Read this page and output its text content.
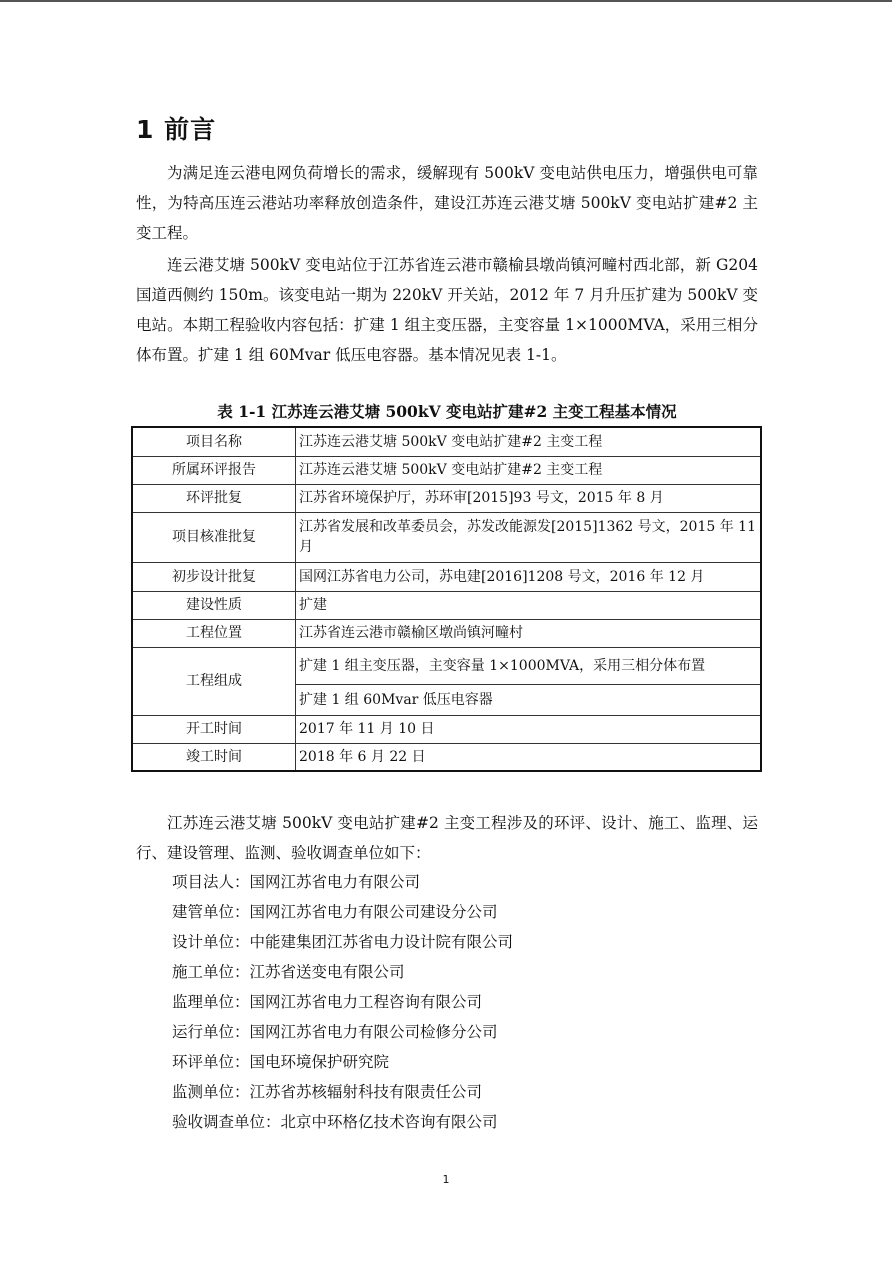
1 前言

为满足连云港电网负荷增长的需求，缓解现有 500kV 变电站供电压力，增强供电可靠性，为特高压连云港站功率释放创造条件，建设江苏连云港艾塘 500kV 变电站扩建#2 主变工程。

连云港艾塘 500kV 变电站位于江苏省连云港市赣榆县墩尚镇河疃村西北部，新 G204 国道西侧约 150m。该变电站一期为 220kV 开关站，2012 年 7 月升压扩建为 500kV 变电站。本期工程验收内容包括：扩建 1 组主变压器，主变容量 1×1000MVA，采用三相分体布置。扩建 1 组 60Mvar 低压电容器。基本情况见表 1-1。

表 1-1 江苏连云港艾塘 500kV 变电站扩建#2 主变工程基本情况

项目名称	江苏连云港艾塘 500kV 变电站扩建#2 主变工程
所属环评报告	江苏连云港艾塘 500kV 变电站扩建#2 主变工程
环评批复	江苏省环境保护厅，苏环审[2015]93 号文，2015 年 8 月
项目核准批复	江苏省发展和改革委员会，苏发改能源发[2015]1362 号文，2015 年 11 月
初步设计批复	国网江苏省电力公司，苏电建[2016]1208 号文，2016 年 12 月
建设性质	扩建
工程位置	江苏省连云港市赣榆区墩尚镇河疃村
工程组成	扩建 1 组主变压器，主变容量 1×1000MVA，采用三相分体布置
	扩建 1 组 60Mvar 低压电容器
开工时间	2017 年 11 月 10 日
竣工时间	2018 年 6 月 22 日

江苏连云港艾塘 500kV 变电站扩建#2 主变工程涉及的环评、设计、施工、监理、运行、建设管理、监测、验收调查单位如下：

项目法人：国网江苏省电力有限公司

建管单位：国网江苏省电力有限公司建设分公司

设计单位：中能建集团江苏省电力设计院有限公司

施工单位：江苏省送变电有限公司

监理单位：国网江苏省电力工程咨询有限公司

运行单位：国网江苏省电力有限公司检修分公司

环评单位：国电环境保护研究院

监测单位：江苏省苏核辐射科技有限责任公司

验收调查单位：北京中环格亿技术咨询有限公司

1
